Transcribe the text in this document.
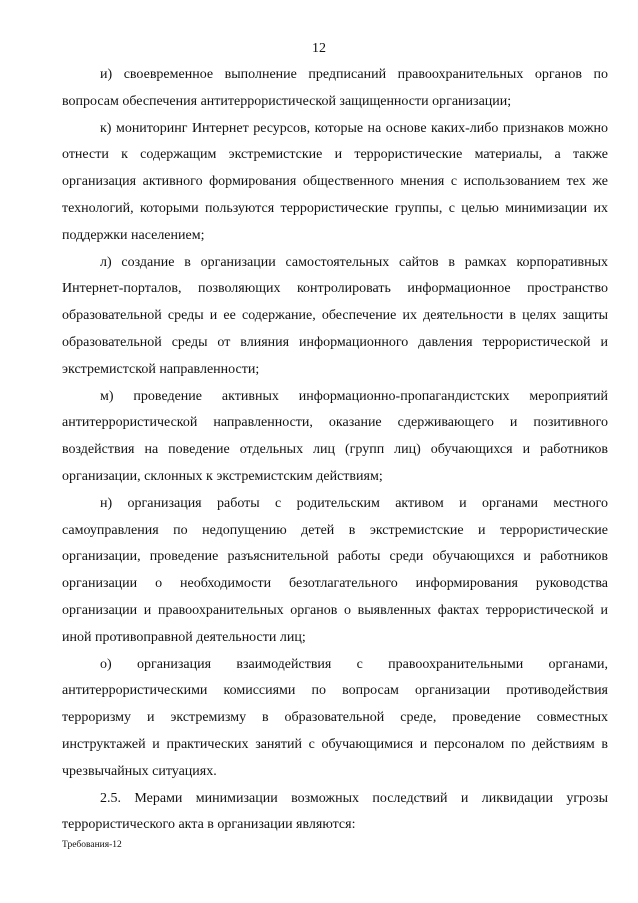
12

и) своевременное выполнение предписаний правоохранительных органов по вопросам обеспечения антитеррористической защищенности организации;

к) мониторинг Интернет ресурсов, которые на основе каких-либо признаков можно отнести к содержащим экстремистские и террористические материалы, а также организация активного формирования общественного мнения с использованием тех же технологий, которыми пользуются террористические группы, с целью минимизации их поддержки населением;

л) создание в организации самостоятельных сайтов в рамках корпоративных Интернет-порталов, позволяющих контролировать информационное пространство образовательной среды и ее содержание, обеспечение их деятельности в целях защиты образовательной среды от влияния информационного давления террористической и экстремистской направленности;

м) проведение активных информационно-пропагандистских мероприятий антитеррористической направленности, оказание сдерживающего и позитивного воздействия на поведение отдельных лиц (групп лиц) обучающихся и работников организации, склонных к экстремистским действиям;

н) организация работы с родительским активом и органами местного самоуправления по недопущению детей в экстремистские и террористические организации, проведение разъяснительной работы среди обучающихся и работников организации о необходимости безотлагательного информирования руководства организации и правоохранительных органов о выявленных фактах террористической и иной противоправной деятельности лиц;

о) организация взаимодействия с правоохранительными органами, антитеррористическими комиссиями по вопросам организации противодействия терроризму и экстремизму в образовательной среде, проведение совместных инструктажей и практических занятий с обучающимися и персоналом по действиям в чрезвычайных ситуациях.

2.5. Мерами минимизации возможных последствий и ликвидации угрозы террористического акта в организации являются:

Требования-12
